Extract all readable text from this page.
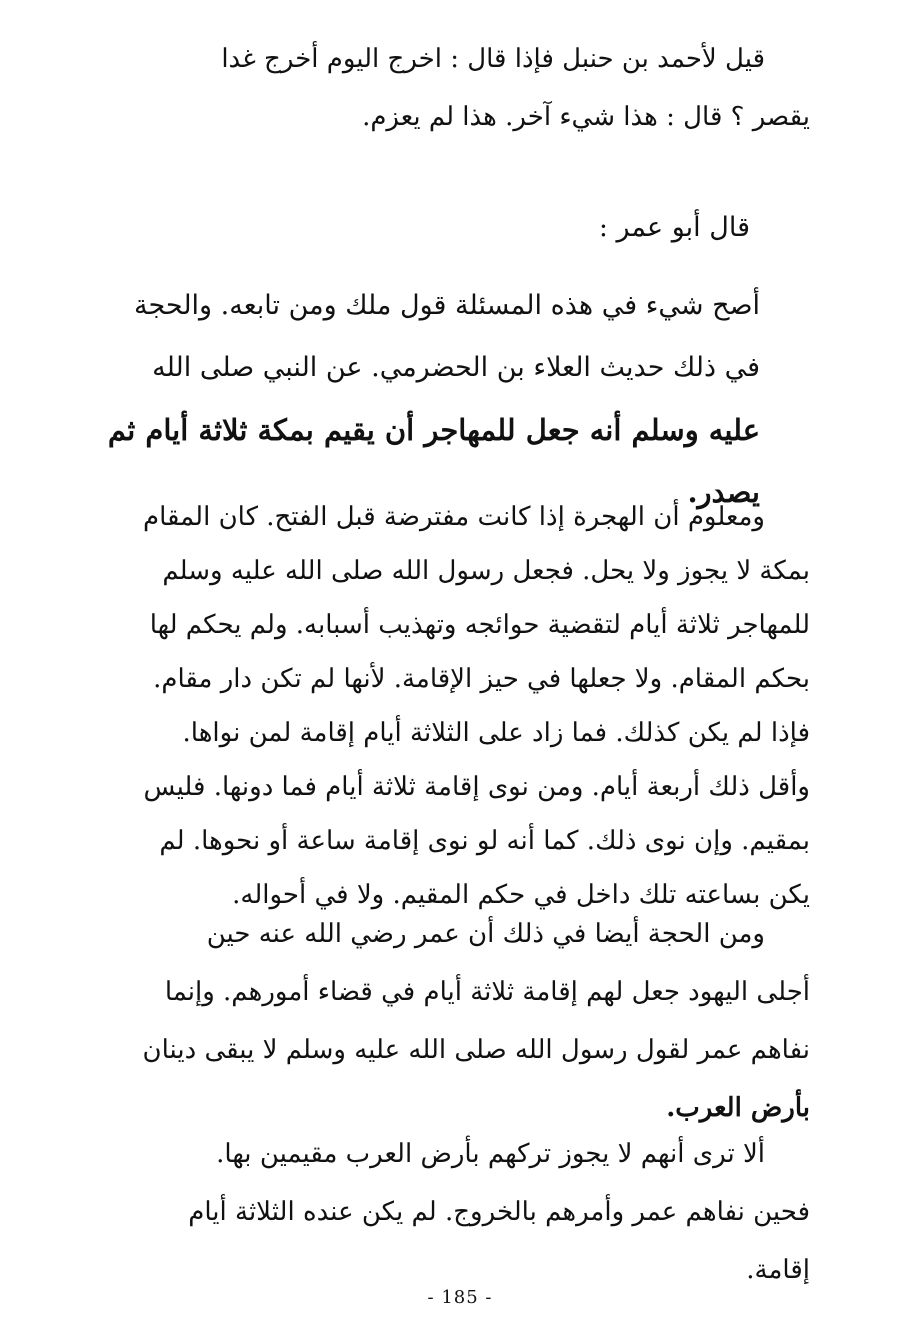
قيل لأحمد بن حنبل فإذا قال : اخرج اليوم أخرج غدا
يقصر ؟ قال : هذا شيء آخر. هذا لم يعزم.
قال أبو عمر :
أصح شيء في هذه المسئلة قول ملك ومن تابعه. والحجة
في ذلك حديث العلاء بن الحضرمي. عن النبي صلى الله
عليه وسلم أنه جعل للمهاجر أن يقيم بمكة ثلاثة أيام ثم
يصدر.
ومعلوم أن الهجرة إذا كانت مفترضة قبل الفتح. كان المقام
بمكة لا يجوز ولا يحل. فجعل رسول الله صلى الله عليه وسلم
للمهاجر ثلاثة أيام لتقضية حوائجه وتهذيب أسبابه. ولم يحكم لها
بحكم المقام. ولا جعلها في حيز الإقامة. لأنها لم تكن دار مقام.
فإذا لم يكن كذلك. فما زاد على الثلاثة أيام إقامة لمن نواها.
وأقل ذلك أربعة أيام. ومن نوى إقامة ثلاثة أيام فما دونها. فليس
بمقيم. وإن نوى ذلك. كما أنه لو نوى إقامة ساعة أو نحوها. لم
يكن بساعته تلك داخل في حكم المقيم. ولا في أحواله.
ومن الحجة أيضا في ذلك أن عمر رضي الله عنه حين
أجلى اليهود جعل لهم إقامة ثلاثة أيام في قضاء أمورهم. وإنما
نفاهم عمر لقول رسول الله صلى الله عليه وسلم لا يبقى دينان
بأرض العرب.
ألا ترى أنهم لا يجوز تركهم بأرض العرب مقيمين بها.
فحين نفاهم عمر وأمرهم بالخروج. لم يكن عنده الثلاثة أيام
إقامة.
- 185 -
